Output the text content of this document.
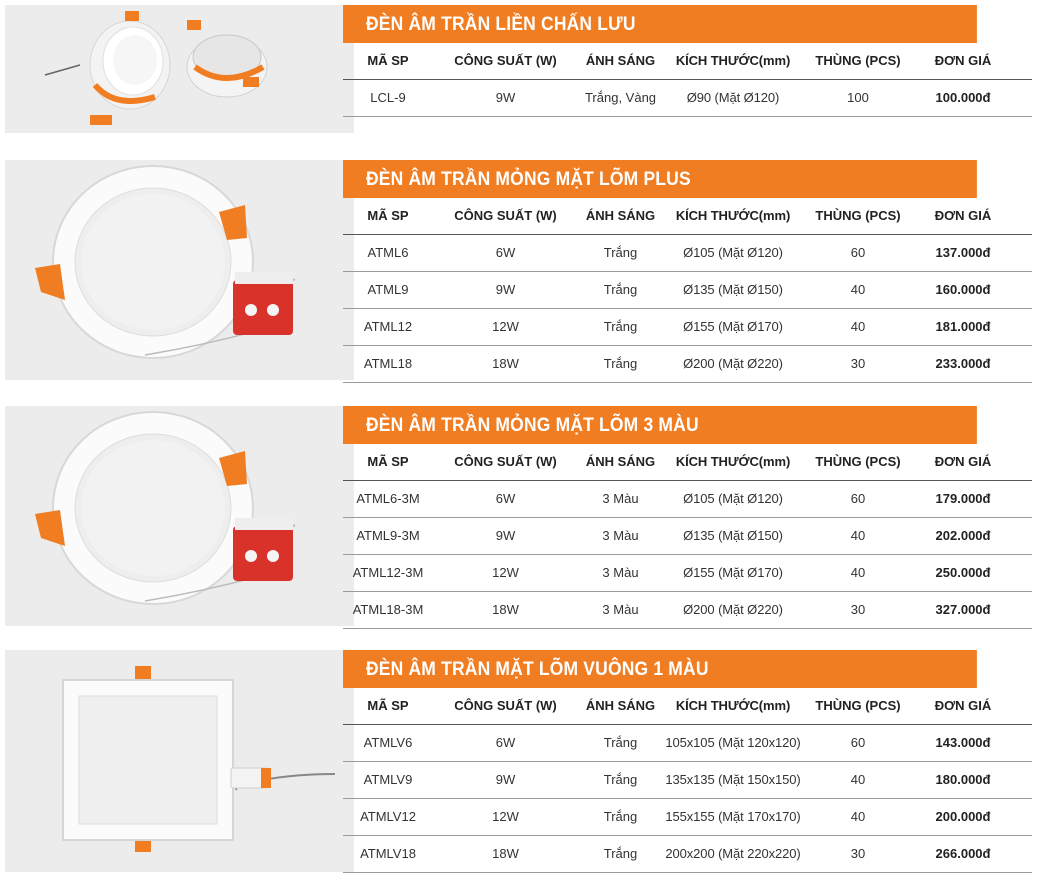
ĐÈN ÂM TRẦN LIỀN CHẤN LƯU
MÃ SP	CÔNG SUẤT (W)	ÁNH SÁNG	KÍCH THƯỚC(mm)	THÙNG (PCS)	ĐƠN GIÁ
LCL-9	9W	Trắng, Vàng	Ø90 (Mặt Ø120)	100	100.000đ
ĐÈN ÂM TRẦN MỎNG MẶT LÕM PLUS
MÃ SP	CÔNG SUẤT (W)	ÁNH SÁNG	KÍCH THƯỚC(mm)	THÙNG (PCS)	ĐƠN GIÁ
ATML6	6W	Trắng	Ø105 (Mặt Ø120)	60	137.000đ
ATML9	9W	Trắng	Ø135 (Mặt Ø150)	40	160.000đ
ATML12	12W	Trắng	Ø155 (Mặt Ø170)	40	181.000đ
ATML18	18W	Trắng	Ø200 (Mặt Ø220)	30	233.000đ
ĐÈN ÂM TRẦN MỎNG MẶT LÕM 3 MÀU
MÃ SP	CÔNG SUẤT (W)	ÁNH SÁNG	KÍCH THƯỚC(mm)	THÙNG (PCS)	ĐƠN GIÁ
ATML6-3M	6W	3 Màu	Ø105 (Mặt Ø120)	60	179.000đ
ATML9-3M	9W	3 Màu	Ø135 (Mặt Ø150)	40	202.000đ
ATML12-3M	12W	3 Màu	Ø155 (Mặt Ø170)	40	250.000đ
ATML18-3M	18W	3 Màu	Ø200 (Mặt Ø220)	30	327.000đ
ĐÈN ÂM TRẦN MẶT LÕM VUÔNG 1 MÀU
MÃ SP	CÔNG SUẤT (W)	ÁNH SÁNG	KÍCH THƯỚC(mm)	THÙNG (PCS)	ĐƠN GIÁ
ATMLV6	6W	Trắng	105x105 (Mặt 120x120)	60	143.000đ
ATMLV9	9W	Trắng	135x135 (Mặt 150x150)	40	180.000đ
ATMLV12	12W	Trắng	155x155 (Mặt 170x170)	40	200.000đ
ATMLV18	18W	Trắng	200x200 (Mặt 220x220)	30	266.000đ
